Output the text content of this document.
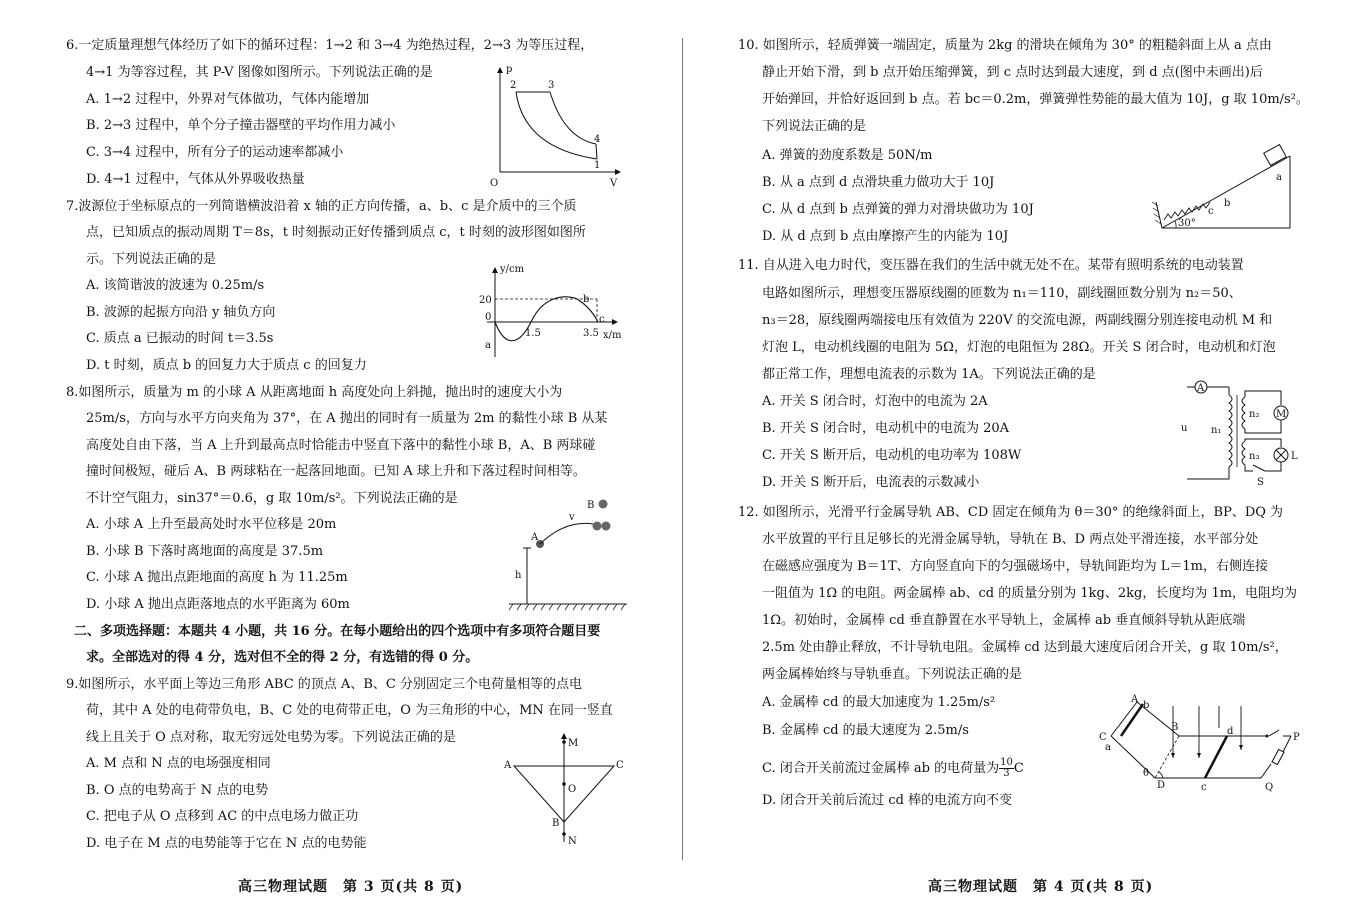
6.一定质量理想气体经历了如下的循环过程：1→2 和 3→4 为绝热过程，2→3 为等压过程，
4→1 为等容过程，其 P-V 图像如图所示。下列说法正确的是
A. 1→2 过程中，外界对气体做功，气体内能增加
B. 2→3 过程中，单个分子撞击器壁的平均作用力减小
C. 3→4 过程中，所有分子的运动速率都减小
D. 4→1 过程中，气体从外界吸收热量
p
V
O
2	3
4
1
7.波源位于坐标原点的一列简谐横波沿着 x 轴的正方向传播，a、b、c 是介质中的三个质
点，已知质点的振动周期 T＝8s，t 时刻振动正好传播到质点 c，t 时刻的波形图如图所
示。下列说法正确的是
A. 该简谐波的波速为 0.25m/s
B. 波源的起振方向沿 y 轴负方向
C. 质点 a 已振动的时间 t＝3.5s
D. t 时刻，质点 b 的回复力大于质点 c 的回复力
y/cm
x/m
20
0
a
1.5	3.5
b
c
8.如图所示，质量为 m 的小球 A 从距离地面 h 高度处向上斜抛，抛出时的速度大小为
25m/s，方向与水平方向夹角为 37°，在 A 抛出的同时有一质量为 2m 的黏性小球 B 从某
高度处自由下落，当 A 上升到最高点时恰能击中竖直下落中的黏性小球 B，A、B 两球碰
撞时间极短，碰后 A、B 两球粘在一起落回地面。已知 A 球上升和下落过程时间相等。
不计空气阻力，sin37°＝0.6，g 取 10m/s²。下列说法正确的是
A. 小球 A 上升至最高处时水平位移是 20m
B. 小球 B 下落时离地面的高度是 37.5m
C. 小球 A 抛出点距地面的高度 h 为 11.25m
D. 小球 A 抛出点距落地点的水平距离为 60m
h
A
v
B
二、多项选择题：本题共 4 小题，共 16 分。在每小题给出的四个选项中有多项符合题目要
求。全部选对的得 4 分，选对但不全的得 2 分，有选错的得 0 分。
9.如图所示，水平面上等边三角形 ABC 的顶点 A、B、C 分别固定三个电荷量相等的点电
荷，其中 A 处的电荷带负电，B、C 处的电荷带正电，O 为三角形的中心，MN 在同一竖直
线上且关于 O 点对称，取无穷远处电势为零。下列说法正确的是
A. M 点和 N 点的电场强度相同
B. O 点的电势高于 N 点的电势
C. 把电子从 O 点移到 AC 的中点电场力做正功
D. 电子在 M 点的电势能等于它在 N 点的电势能
M
N
A	C
B
O
高三物理试题　第 3 页(共 8 页)
10. 如图所示，轻质弹簧一端固定，质量为 2kg 的滑块在倾角为 30° 的粗糙斜面上从 a 点由
静止开始下滑，到 b 点开始压缩弹簧，到 c 点时达到最大速度，到 d 点(图中未画出)后
开始弹回，并恰好返回到 b 点。若 bc＝0.2m，弹簧弹性势能的最大值为 10J，g 取 10m/s²。
下列说法正确的是
A. 弹簧的劲度系数是 50N/m
B. 从 a 点到 d 点滑块重力做功大于 10J
C. 从 d 点到 b 点弹簧的弹力对滑块做功为 10J
D. 从 d 点到 b 点由摩擦产生的内能为 10J
30°
c
b
a
11. 自从进入电力时代，变压器在我们的生活中就无处不在。某带有照明系统的电动装置
电路如图所示，理想变压器原线圈的匝数为 n₁＝110，副线圈匝数分别为 n₂＝50、
n₃＝28，原线圈两端接电压有效值为 220V 的交流电源，两副线圈分别连接电动机 M 和
灯泡 L，电动机线圈的电阻为 5Ω，灯泡的电阻恒为 28Ω。开关 S 闭合时，电动机和灯泡
都正常工作，理想电流表的示数为 1A。下列说法正确的是
A. 开关 S 闭合时，灯泡中的电流为 2A
B. 开关 S 闭合时，电动机中的电流为 20A
C. 开关 S 断开后，电动机的电功率为 108W
D. 开关 S 断开后，电流表的示数减小
A
u n₁
n₂
n₃
M
L
S
12. 如图所示，光滑平行金属导轨 AB、CD 固定在倾角为 θ＝30° 的绝缘斜面上，BP、DQ 为
水平放置的平行且足够长的光滑金属导轨，导轨在 B、D 两点处平滑连接，水平部分处
在磁感应强度为 B＝1T、方向竖直向下的匀强磁场中，导轨间距均为 L＝1m，右侧连接
一阻值为 1Ω 的电阻。两金属棒 ab、cd 的质量分别为 1kg、2kg，长度均为 1m，电阻均为
1Ω。初始时，金属棒 cd 垂直静置在水平导轨上，金属棒 ab 垂直倾斜导轨从距底端
2.5m 处由静止释放，不计导轨电阻。金属棒 cd 达到最大速度后闭合开关，g 取 10m/s²，
两金属棒始终与导轨垂直。下列说法正确的是
A. 金属棒 cd 的最大加速度为 1.25m/s²
B. 金属棒 cd 的最大速度为 2.5m/s
C. 闭合开关前流过金属棒 ab 的电荷量为 $\frac{10}{3}$ C
D. 闭合开关前后流过 cd 棒的电流方向不变
A
b
C
a
B	d
θ
D	c
P
Q
高三物理试题　第 4 页(共 8 页)
